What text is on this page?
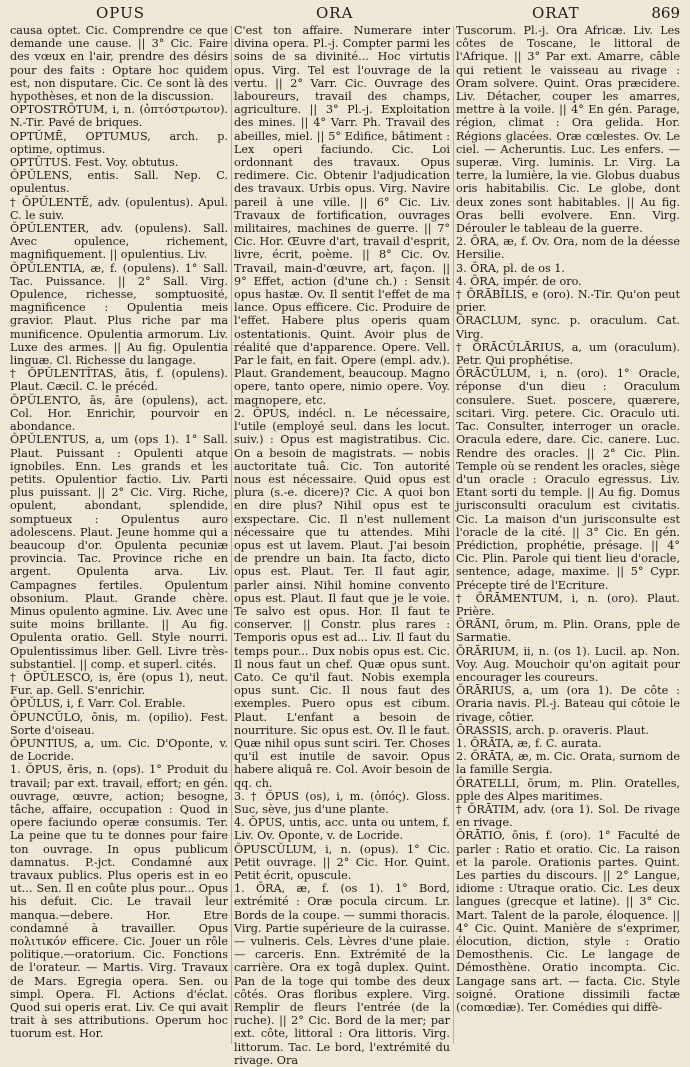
OPUS	ORA	ORAT	869

causa optet. Cic. Comprendre ce que demande une cause. || 3° Cic. Faire des vœux en l'air, prendre des désirs pour des faits : Optare hoc quidem est, non disputare. Cic. Ce sont là des hypothèses, et non de la discussion.

OPTOSTRŌTUM, i, n. (ὀπτόστρωτον). N.-Tir. Pavé de briques.

OPTŬMĒ, OPTUMUS, arch. p. optime, optimus.

OPTŪTUS. Fest. Voy. obtutus.

ŎPŬLENS, entis. Sall. Nep. C. opulentus.

† ŎPŬLENTĒ, adv. (opulentus). Apul. C. le suiv.

ŎPŬLENTER, adv. (opulens). Sall. Avec opulence, richement, magnifiquement. || opulentius. Liv.

ŎPŬLENTIA, æ, f. (opulens). 1° Sall. Tac. Puissance. || 2° Sall. Virg. Opulence, richesse, somptuosité, magnificence : Opulentia meis gravior. Plaut. Plus riche par ma munificence. Opulentia armorum. Liv. Luxe des armes. || Au fig. Opulentia linguæ. Cl. Richesse du langage.

† ŎPŬLENTĬTAS, ātis, f. (opulens). Plaut. Cæcil. C. le précéd.

ŎPŬLENTO, ās, āre (opulens), act. Col. Hor. Enrichir, pourvoir en abondance.

ŎPŬLENTUS, a, um (ops 1). 1° Sall. Plaut. Puissant : Opulenti atque ignobiles. Enn. Les grands et les petits. Opulentior factio. Liv. Parti plus puissant. || 2° Cic. Virg. Riche, opulent, abondant, splendide, somptueux : Opulentus auro adolescens. Plaut. Jeune homme qui a beaucoup d'or. Opulenta pecuniæ provincia. Tac. Province riche en argent. Opulenta arva. Liv. Campagnes fertiles. Opulentum obsonium. Plaut. Grande chère. Minus opulento agmine. Liv. Avec une suite moins brillante. || Au fig. Opulenta oratio. Gell. Style nourri. Opulentissimus liber. Gell. Livre très-substantiel. || comp. et superl. cités.

† ŎPŬLESCO, is, ĕre (opus 1), neut. Fur. ap. Gell. S'enrichir.

ŎPŬLUS, i, f. Varr. Col. Erable.

ŎPUNCŬLO, ōnis, m. (opilio). Fest. Sorte d'oiseau.

ŎPUNTIUS, a, um. Cic. D'Oponte, v. de Locride.

1. ŎPUS, ĕris, n. (ops). 1° Produit du travail; par ext. travail, effort; en gén. ouvrage, œuvre, action; besogne, tâche, affaire, occupation : Quod in opere faciundo operæ consumis. Ter. La peine que tu te donnes pour faire ton ouvrage. In opus publicum damnatus. P.-jct. Condamné aux travaux publics. Plus operis est in eo ut... Sen. Il en coûte plus pour... Opus his defuit. Cic. Le travail leur manqua.—debere. Hor. Etre condamné à travailler. Opus πολιτικόν efficere. Cic. Jouer un rôle politique.—oratorium. Cic. Fonctions de l'orateur. — Martis. Virg. Travaux de Mars. Egregia opera. Sen. ou simpl. Opera. Fl. Actions d'éclat. Quod sui operis erat. Liv. Ce qui avait trait à ses attributions. Operum hoc tuorum est. Hor.

C'est ton affaire. Numerare inter divina opera. Pl.-j. Compter parmi les soins de sa divinité... Hoc virtutis opus. Virg. Tel est l'ouvrage de la vertu. || 2° Varr. Cic. Ouvrage des laboureurs, travail des champs, agriculture. || 3° Pl.-j. Exploitation des mines. || 4° Varr. Ph. Travail des abeilles, miel. || 5° Edifice, bâtiment : Lex operi faciundo. Cic. Loi ordonnant des travaux. Opus redimere. Cic. Obtenir l'adjudication des travaux. Urbis opus. Virg. Navire pareil à une ville. || 6° Cic. Liv. Travaux de fortification, ouvrages militaires, machines de guerre. || 7° Cic. Hor. Œuvre d'art, travail d'esprit, livre, écrit, poème. || 8° Cic. Ov. Travail, main-d'œuvre, art, façon. || 9° Effet, action (d'une ch.) : Sensit opus hastæ. Ov. Il sentit l'effet de ma lance. Opus efficere. Cic. Produire de l'effet. Habere plus operis quam ostentationis. Quint. Avoir plus de réalité que d'apparence. Opere. Vell. Par le fait, en fait. Opere (empl. adv.). Plaut. Grandement, beaucoup. Magno opere, tanto opere, nimio opere. Voy. magnopere, etc.

2. ŎPUS, indécl. n. Le nécessaire, l'utile (employé seul. dans les locut. suiv.) : Opus est magistratibus. Cic. On a besoin de magistrats. — nobis auctoritate tuâ. Cic. Ton autorité nous est nécessaire. Quid opus est plura (s.-e. dicere)? Cic. A quoi bon en dire plus? Nihil opus est te exspectare. Cic. Il n'est nullement nécessaire que tu attendes. Mihi opus est ut lavem. Plaut. J'ai besoin de prendre un bain. Ita facto, dicto opus est. Plaut. Ter. Il faut agir, parler ainsi. Nihil homine convento opus est. Plaut. Il faut que je le voie. Te salvo est opus. Hor. Il faut te conserver. || Constr. plus rares : Temporis opus est ad... Liv. Il faut du temps pour... Dux nobis opus est. Cic. Il nous faut un chef. Quæ opus sunt. Cato. Ce qu'il faut. Nobis exempla opus sunt. Cic. Il nous faut des exemples. Puero opus est cibum. Plaut. L'enfant a besoin de nourriture. Sic opus est. Ov. Il le faut. Quæ nihil opus sunt sciri. Ter. Choses qu'il est inutile de savoir. Opus habere aliquâ re. Col. Avoir besoin de qq. ch.

3. † ŎPUS (os), i, m. (ὀπός). Gloss. Suc, sève, jus d'une plante.

4. ŎPUS, untis, acc. unta ou untem, f. Liv. Ov. Oponte, v. de Locride.

ŎPUSCŬLUM, i, n. (opus). 1° Cic. Petit ouvrage. || 2° Cic. Hor. Quint. Petit écrit, opuscule.

1. ŌRA, æ, f. (os 1). 1° Bord, extrémité : Oræ pocula circum. Lr. Bords de la coupe. — summi thoracis. Virg. Partie supérieure de la cuirasse. — vulneris. Cels. Lèvres d'une plaie. — carceris. Enn. Extrémité de la carrière. Ora ex togâ duplex. Quint. Pan de la toge qui tombe des deux côtés. Oras floribus explere. Virg. Remplir de fleurs l'entrée (de la ruche). || 2° Cic. Bord de la mer; par ext. côte, littoral : Ora littoris. Virg. littorum. Tac. Le bord, l'extrémité du rivage. Ora

Tuscorum. Pl.-j. Ora Africæ. Liv. Les côtes de Toscane, le littoral de l'Afrique. || 3° Par ext. Amarre, câble qui retient le vaisseau au rivage : Oram solvere. Quint. Oras præcidere. Liv. Détacher, couper les amarres, mettre à la voile. || 4° En gén. Parage, région, climat : Ora gelida. Hor. Régions glacées. Oræ cœlestes. Ov. Le ciel. — Acheruntis. Luc. Les enfers. — superæ. Virg. luminis. Lr. Virg. La terre, la lumière, la vie. Globus duabus oris habitabilis. Cic. Le globe, dont deux zones sont habitables. || Au fig. Oras belli evolvere. Enn. Virg. Dérouler le tableau de la guerre.

2. ŌRA, æ, f. Ov. Ora, nom de la déesse Hersilie.

3. ŌRA, pl. de os 1.

4. ŌRA, impér. de oro.

† ŌRĀBĬLIS, e (oro). N.-Tir. Qu'on peut prier.

ŌRACLUM, sync. p. oraculum. Cat. Virg.

† ŌRĀCŬLĀRIUS, a, um (oraculum). Petr. Qui prophétise.

ŌRĀCŬLUM, i, n. (oro). 1° Oracle, réponse d'un dieu : Oraculum consulere. Suet. poscere, quærere, scitari. Virg. petere. Cic. Oraculo uti. Tac. Consulter, interroger un oracle. Oracula edere, dare. Cic. canere. Luc. Rendre des oracles. || 2° Cic. Plin. Temple où se rendent les oracles, siège d'un oracle : Oraculo egressus. Liv. Etant sorti du temple. || Au fig. Domus jurisconsulti oraculum est civitatis. Cic. La maison d'un jurisconsulte est l'oracle de la cité. || 3° Cic. En gén. Prédiction, prophétie, présage. || 4° Cic. Plin. Parole qui tient lieu d'oracle, sentence, adage, maxime. || 5° Cypr. Précepte tiré de l'Ecriture.

† ŌRĀMENTUM, i, n. (oro). Plaut. Prière.

ŌRĀNI, ōrum, m. Plin. Orans, pple de Sarmatie.

ŌRĀRIUM, ii, n. (os 1). Lucil. ap. Non. Voy. Aug. Mouchoir qu'on agitait pour encourager les coureurs.

ŌRĀRIUS, a, um (ora 1). De côte : Oraria navis. Pl.-j. Bateau qui côtoie le rivage, côtier.

ŌRASSIS, arch. p. oraveris. Plaut.

1. ŌRĀTA, æ, f. C. aurata.

2. ŌRĀTA, æ, m. Cic. Orata, surnom de la famille Sergia.

ŌRATELLI, ōrum, m. Plin. Oratelles, pple des Alpes maritimes.

† ŌRĀTIM, adv. (ora 1). Sol. De rivage en rivage.

ŌRĀTIO, ōnis, f. (oro). 1° Faculté de parler : Ratio et oratio. Cic. La raison et la parole. Orationis partes. Quint. Les parties du discours. || 2° Langue, idiome : Utraque oratio. Cic. Les deux langues (grecque et latine). || 3° Cic. Mart. Talent de la parole, éloquence. || 4° Cic. Quint. Manière de s'exprimer, élocution, diction, style : Oratio Demosthenis. Cic. Le langage de Démosthène. Oratio incompta. Cic. Langage sans art. — facta. Cic. Style soigné. Oratione dissimili factæ (comœdiæ). Ter. Comédies qui diffè-
